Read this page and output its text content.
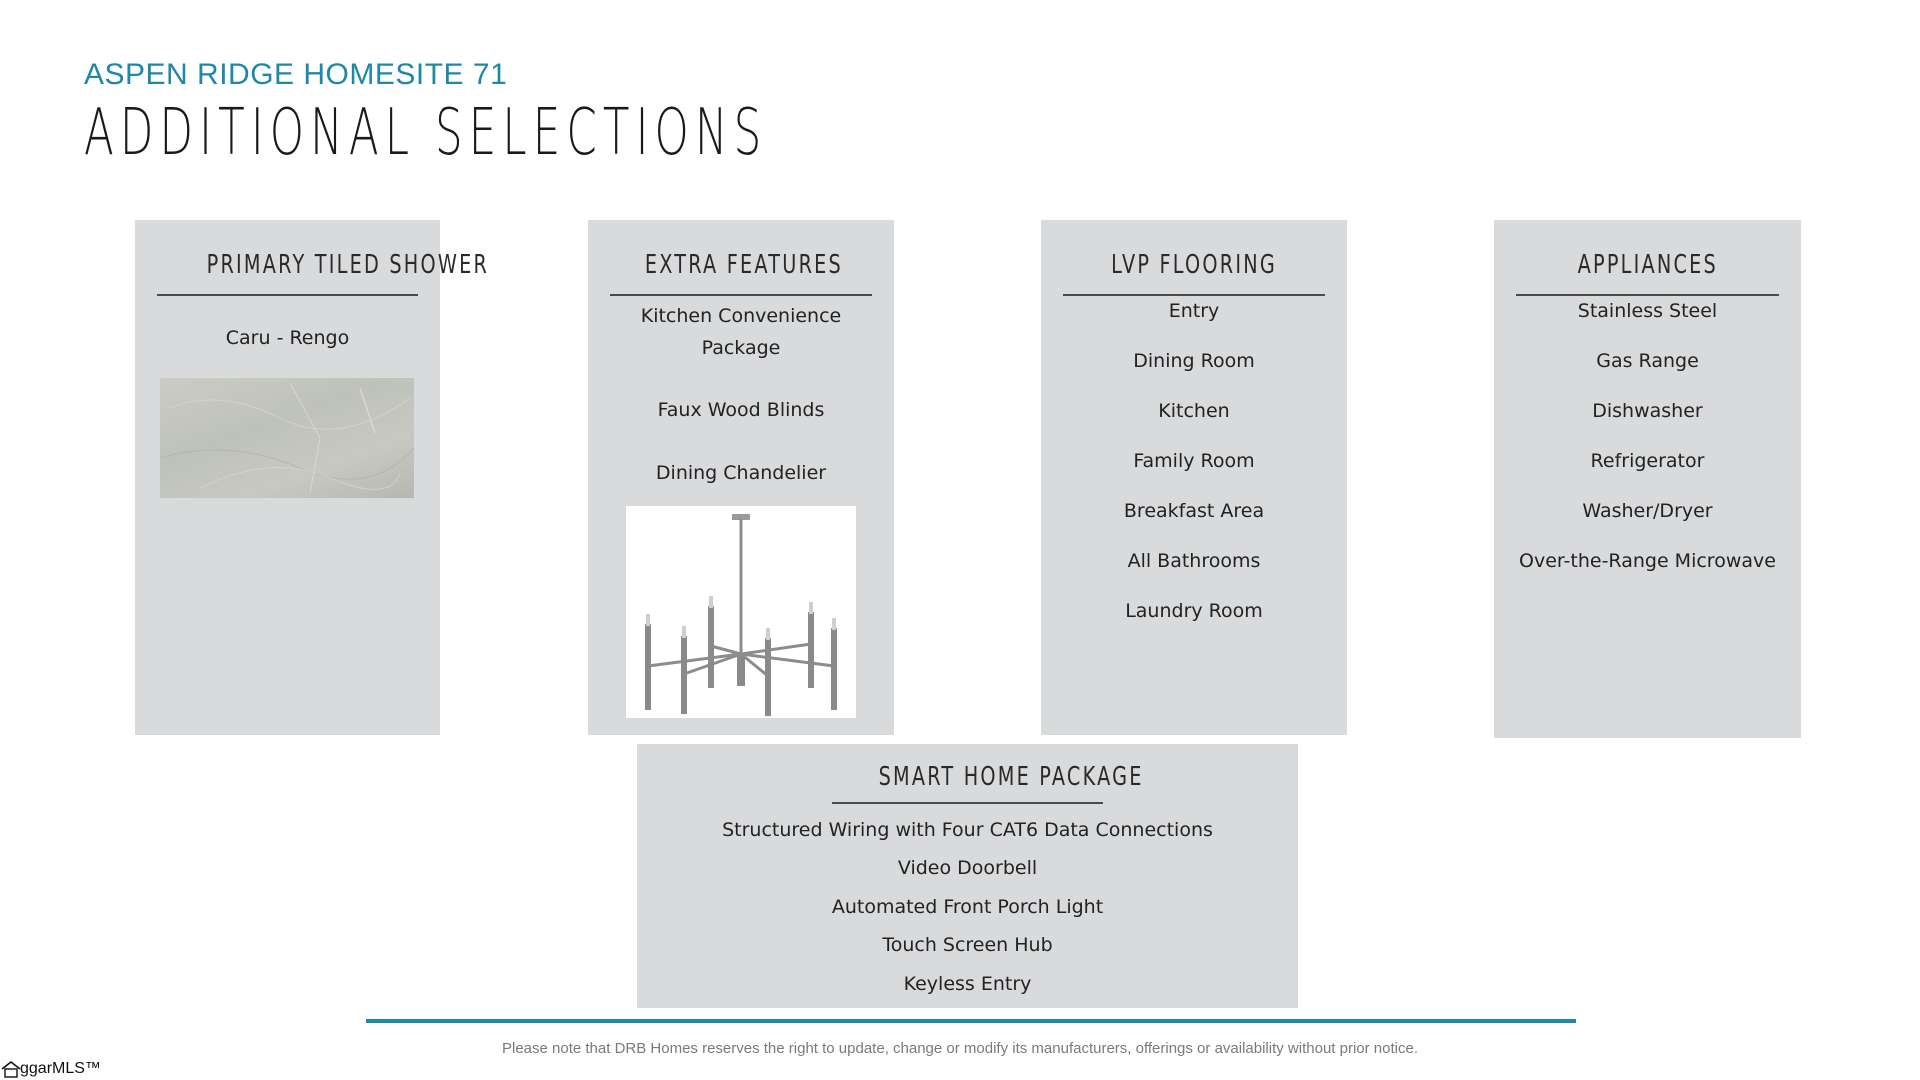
ASPEN RIDGE HOMESITE 71
ADDITIONAL SELECTIONS
PRIMARY TILED SHOWER
Caru - Rengo
EXTRA FEATURES
Kitchen Convenience Package
Faux Wood Blinds
Dining Chandelier
LVP FLOORING
Entry
Dining Room
Kitchen
Family Room
Breakfast Area
All Bathrooms
Laundry Room
APPLIANCES
Stainless Steel
Gas Range
Dishwasher
Refrigerator
Washer/Dryer
Over-the-Range Microwave
SMART HOME PACKAGE
Structured Wiring with Four CAT6 Data Connections
Video Doorbell
Automated Front Porch Light
Touch Screen Hub
Keyless Entry
Please note that DRB Homes reserves the right to update, change or modify its manufacturers, offerings or availability without prior notice.
ggarMLS™
